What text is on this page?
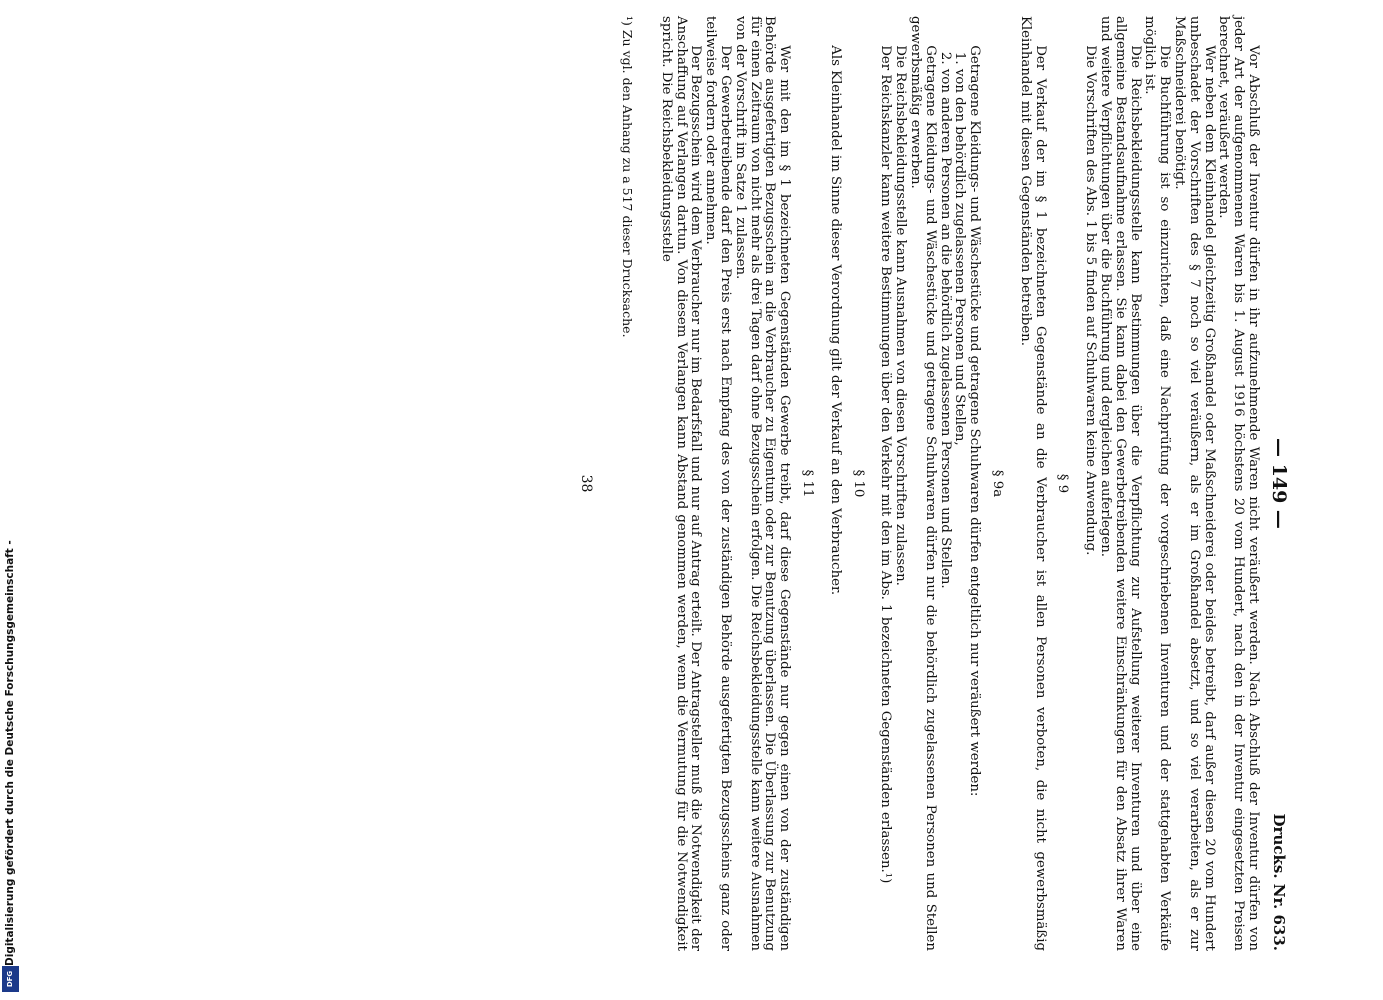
— 149 —
Drucks. Nr. 633.

Vor Abschluß der Inventur dürfen in ihr aufzunehmende Waren nicht veräußert werden. Nach Abschluß der Inventur dürfen von jeder Art der aufgenommenen Waren bis 1. August 1916 höchstens 20 vom Hundert, nach den in der Inventur eingesetzten Preisen berechnet, veräußert werden.

Wer neben dem Kleinhandel gleichzeitig Großhandel oder Maßschneiderei oder beides betreibt, darf außer diesen 20 vom Hundert unbeschadet der Vorschriften des § 7 noch so viel veräußern, als er im Großhandel absetzt, und so viel verarbeiten, als er zur Maßschneiderei benötigt.

Die Buchführung ist so einzurichten, daß eine Nachprüfung der vorgeschriebenen Inventuren und der stattgehabten Verkäufe möglich ist.

Die Reichsbekleidungsstelle kann Bestimmungen über die Verpflichtung zur Aufstellung weiterer Inventuren und über eine allgemeine Bestandsaufnahme erlassen. Sie kann dabei den Gewerbetreibenden weitere Einschränkungen für den Absatz ihrer Waren und weitere Verpflichtungen über die Buchführung und dergleichen auferlegen.

Die Vorschriften des Abs. 1 bis 5 finden auf Schuhwaren keine Anwendung.

§ 9

Der Verkauf der im § 1 bezeichneten Gegenstände an die Verbraucher ist allen Personen verboten, die nicht gewerbsmäßig Kleinhandel mit diesen Gegenständen betreiben.

§ 9a

Getragene Kleidungs- und Wäschestücke und getragene Schuhwaren dürfen entgeltlich nur veräußert werden:

1. von den behördlich zugelassenen Personen und Stellen,

2. von anderen Personen an die behördlich zugelassenen Personen und Stellen.

Getragene Kleidungs- und Wäschestücke und getragene Schuhwaren dürfen nur die behördlich zugelassenen Personen und Stellen gewerbsmäßig erwerben.

Die Reichsbekleidungsstelle kann Ausnahmen von diesen Vorschriften zulassen.

Der Reichskanzler kann weitere Bestimmungen über den Verkehr mit den im Abs. 1 bezeichneten Gegenständen erlassen.¹)

§ 10

Als Kleinhandel im Sinne dieser Verordnung gilt der Verkauf an den Verbraucher.

§ 11

Wer mit den im § 1 bezeichneten Gegenständen Gewerbe treibt, darf diese Gegenstände nur gegen einen von der zuständigen Behörde ausgefertigten Bezugsschein an die Verbraucher zu Eigentum oder zur Benutzung überlassen. Die Überlassung zur Benutzung für einen Zeitraum von nicht mehr als drei Tagen darf ohne Bezugsschein erfolgen. Die Reichsbekleidungsstelle kann weitere Ausnahmen von der Vorschrift im Satze 1 zulassen.

Der Gewerbetreibende darf den Preis erst nach Empfang des von der zuständigen Behörde ausgefertigten Bezugsscheins ganz oder teilweise fordern oder annehmen.

Der Bezugsschein wird dem Verbraucher nur im Bedarfsfall und nur auf Antrag erteilt. Der Antragsteller muß die Notwendigkeit der Anschaffung auf Verlangen dartun. Von diesem Verlangen kann Abstand genommen werden, wenn die Vermutung für die Notwendigkeit spricht. Die Reichsbekleidungsstelle

¹) Zu vgl. den Anhang zu a 517 dieser Drucksache.
38
Digitalisierung gefördert durch die Deutsche Forschungsgemeinschaft -
DFG
